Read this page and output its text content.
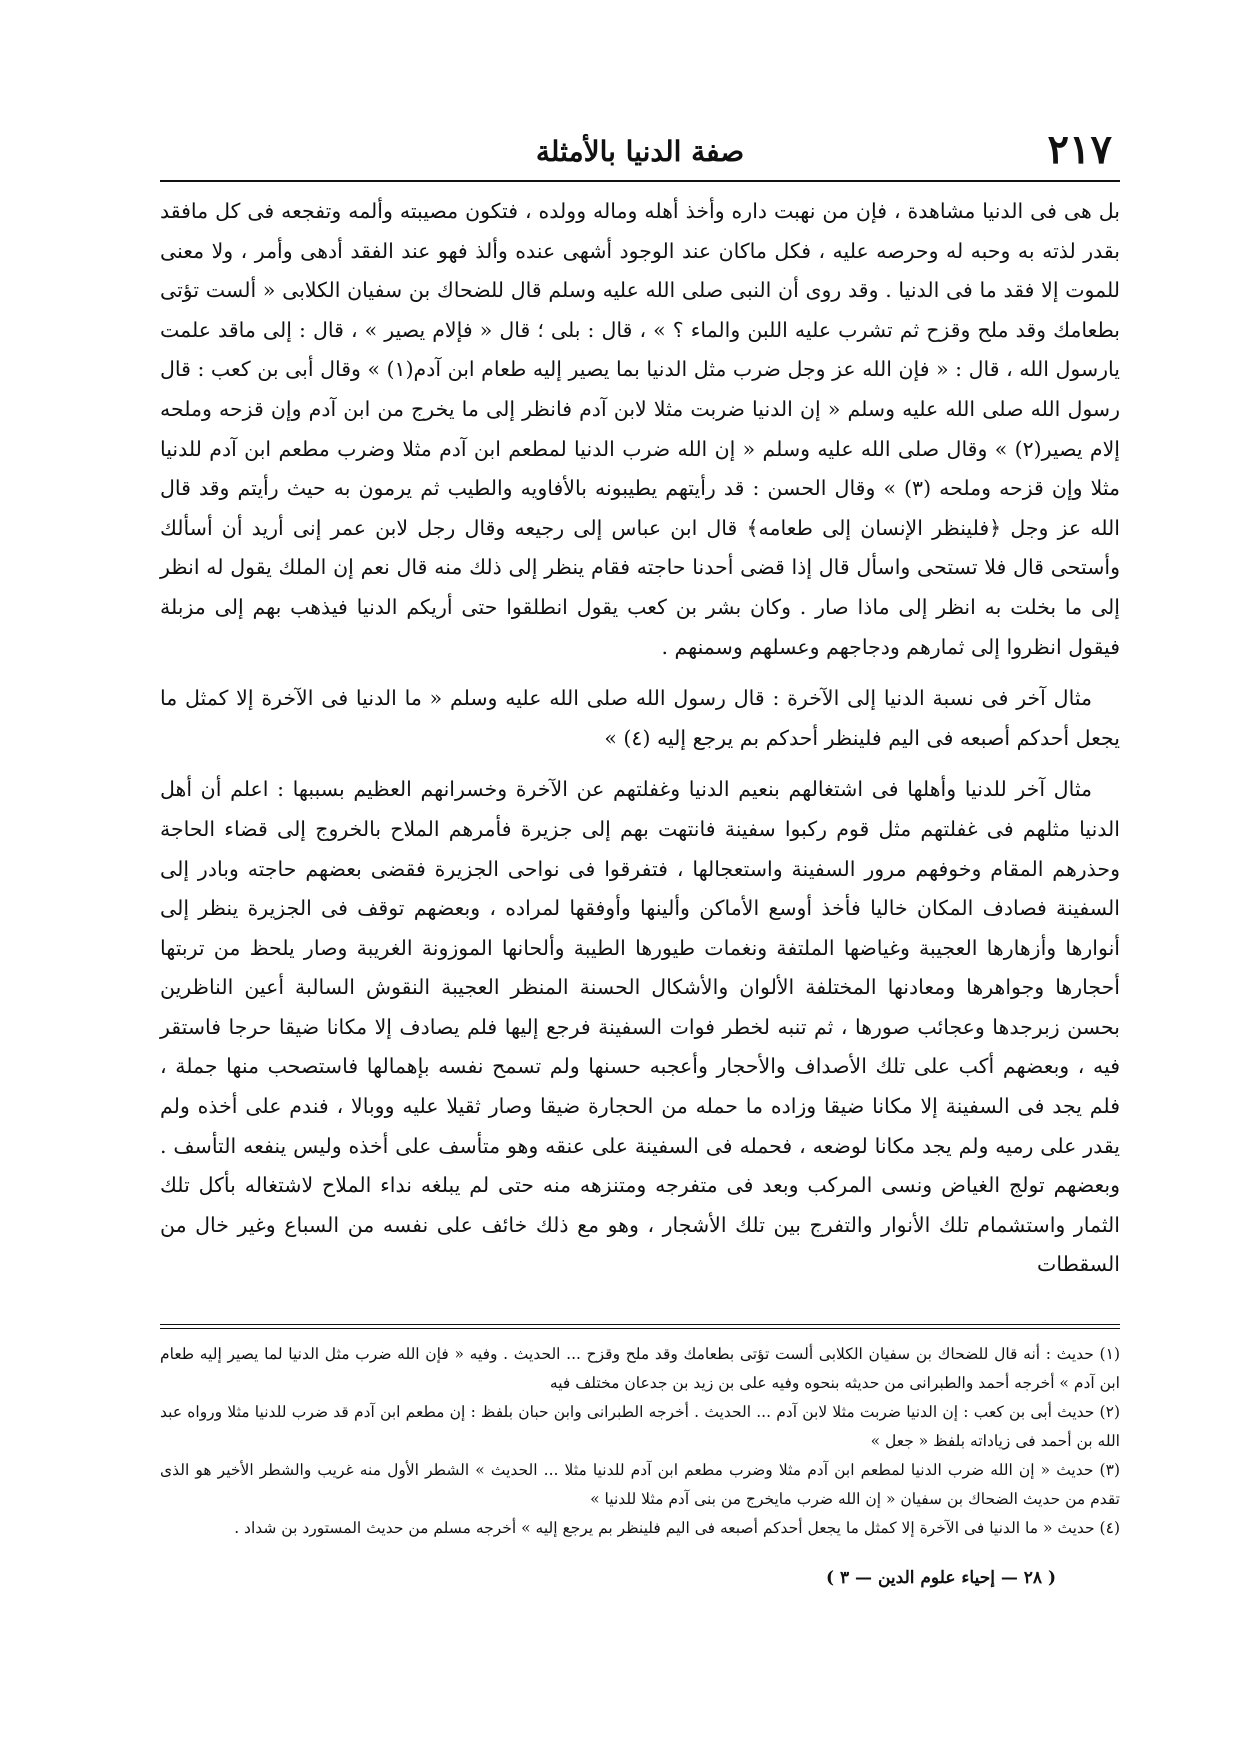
٢١٧
صفة الدنيا بالأمثلة

بل هى فى الدنيا مشاهدة ، فإن من نهبت داره وأخذ أهله وماله وولده ، فتكون مصيبته وألمه وتفجعه فى كل مافقد بقدر لذته به وحبه له وحرصه عليه ، فكل ماكان عند الوجود أشهى عنده وألذ فهو عند الفقد أدهى وأمر ، ولا معنى للموت إلا فقد ما فى الدنيا . وقد روى أن النبى صلى الله عليه وسلم قال للضحاك بن سفيان الكلابى « ألست تؤتى بطعامك وقد ملح وقزح ثم تشرب عليه اللبن والماء ؟ » ، قال : بلى ؛ قال « فإلام يصير » ، قال : إلى ماقد علمت يارسول الله ، قال : « فإن الله عز وجل ضرب مثل الدنيا بما يصير إليه طعام ابن آدم(١) » وقال أبى بن كعب : قال رسول الله صلى الله عليه وسلم « إن الدنيا ضربت مثلا لابن آدم فانظر إلى ما يخرج من ابن آدم وإن قزحه وملحه إلام يصير(٢) » وقال صلى الله عليه وسلم « إن الله ضرب الدنيا لمطعم ابن آدم مثلا وضرب مطعم ابن آدم للدنيا مثلا وإن قزحه وملحه (٣) » وقال الحسن : قد رأيتهم يطيبونه بالأفاويه والطيب ثم يرمون به حيث رأيتم وقد قال الله عز وجل ﴿فلينظر الإنسان إلى طعامه﴾ قال ابن عباس إلى رجيعه وقال رجل لابن عمر إنى أريد أن أسألك وأستحى قال فلا تستحى واسأل قال إذا قضى أحدنا حاجته فقام ينظر إلى ذلك منه قال نعم إن الملك يقول له انظر إلى ما بخلت به انظر إلى ماذا صار . وكان بشر بن كعب يقول انطلقوا حتى أريكم الدنيا فيذهب بهم إلى مزبلة فيقول انظروا إلى ثمارهم ودجاجهم وعسلهم وسمنهم .

مثال آخر فى نسبة الدنيا إلى الآخرة : قال رسول الله صلى الله عليه وسلم « ما الدنيا فى الآخرة إلا كمثل ما يجعل أحدكم أصبعه فى اليم فلينظر أحدكم بم يرجع إليه (٤) »

مثال آخر للدنيا وأهلها فى اشتغالهم بنعيم الدنيا وغفلتهم عن الآخرة وخسرانهم العظيم بسببها : اعلم أن أهل الدنيا مثلهم فى غفلتهم مثل قوم ركبوا سفينة فانتهت بهم إلى جزيرة فأمرهم الملاح بالخروج إلى قضاء الحاجة وحذرهم المقام وخوفهم مرور السفينة واستعجالها ، فتفرقوا فى نواحى الجزيرة فقضى بعضهم حاجته وبادر إلى السفينة فصادف المكان خاليا فأخذ أوسع الأماكن وألينها وأوفقها لمراده ، وبعضهم توقف فى الجزيرة ينظر إلى أنوارها وأزهارها العجيبة وغياضها الملتفة ونغمات طيورها الطيبة وألحانها الموزونة الغريبة وصار يلحظ من تربتها أحجارها وجواهرها ومعادنها المختلفة الألوان والأشكال الحسنة المنظر العجيبة النقوش السالبة أعين الناظرين بحسن زبرجدها وعجائب صورها ، ثم تنبه لخطر فوات السفينة فرجع إليها فلم يصادف إلا مكانا ضيقا حرجا فاستقر فيه ، وبعضهم أكب على تلك الأصداف والأحجار وأعجبه حسنها ولم تسمح نفسه بإهمالها فاستصحب منها جملة ، فلم يجد فى السفينة إلا مكانا ضيقا وزاده ما حمله من الحجارة ضيقا وصار ثقيلا عليه ووبالا ، فندم على أخذه ولم يقدر على رميه ولم يجد مكانا لوضعه ، فحمله فى السفينة على عنقه وهو متأسف على أخذه وليس ينفعه التأسف . وبعضهم تولج الغياض ونسى المركب وبعد فى متفرجه ومتنزهه منه حتى لم يبلغه نداء الملاح لاشتغاله بأكل تلك الثمار واستشمام تلك الأنوار والتفرج بين تلك الأشجار ، وهو مع ذلك خائف على نفسه من السباع وغير خال من السقطات

(١) حديث : أنه قال للضحاك بن سفيان الكلابى ألست تؤتى بطعامك وقد ملح وقزح ... الحديث . وفيه « فإن الله ضرب مثل الدنيا لما يصير إليه طعام ابن آدم » أخرجه أحمد والطبرانى من حديثه بنحوه وفيه على بن زيد بن جدعان مختلف فيه

(٢) حديث أبى بن كعب : إن الدنيا ضربت مثلا لابن آدم ... الحديث . أخرجه الطبرانى وابن حبان بلفظ : إن مطعم ابن آدم قد ضرب للدنيا مثلا ورواه عبد الله بن أحمد فى زياداته بلفظ « جعل »

(٣) حديث « إن الله ضرب الدنيا لمطعم ابن آدم مثلا وضرب مطعم ابن آدم للدنيا مثلا ... الحديث » الشطر الأول منه غريب والشطر الأخير هو الذى تقدم من حديث الضحاك بن سفيان « إن الله ضرب مايخرج من بنى آدم مثلا للدنيا »

(٤) حديث « ما الدنيا فى الآخرة إلا كمثل ما يجعل أحدكم أصبعه فى اليم فلينظر بم يرجع إليه » أخرجه مسلم من حديث المستورد بن شداد .

( ٢٨ — إحياء علوم الدين — ٣ )
